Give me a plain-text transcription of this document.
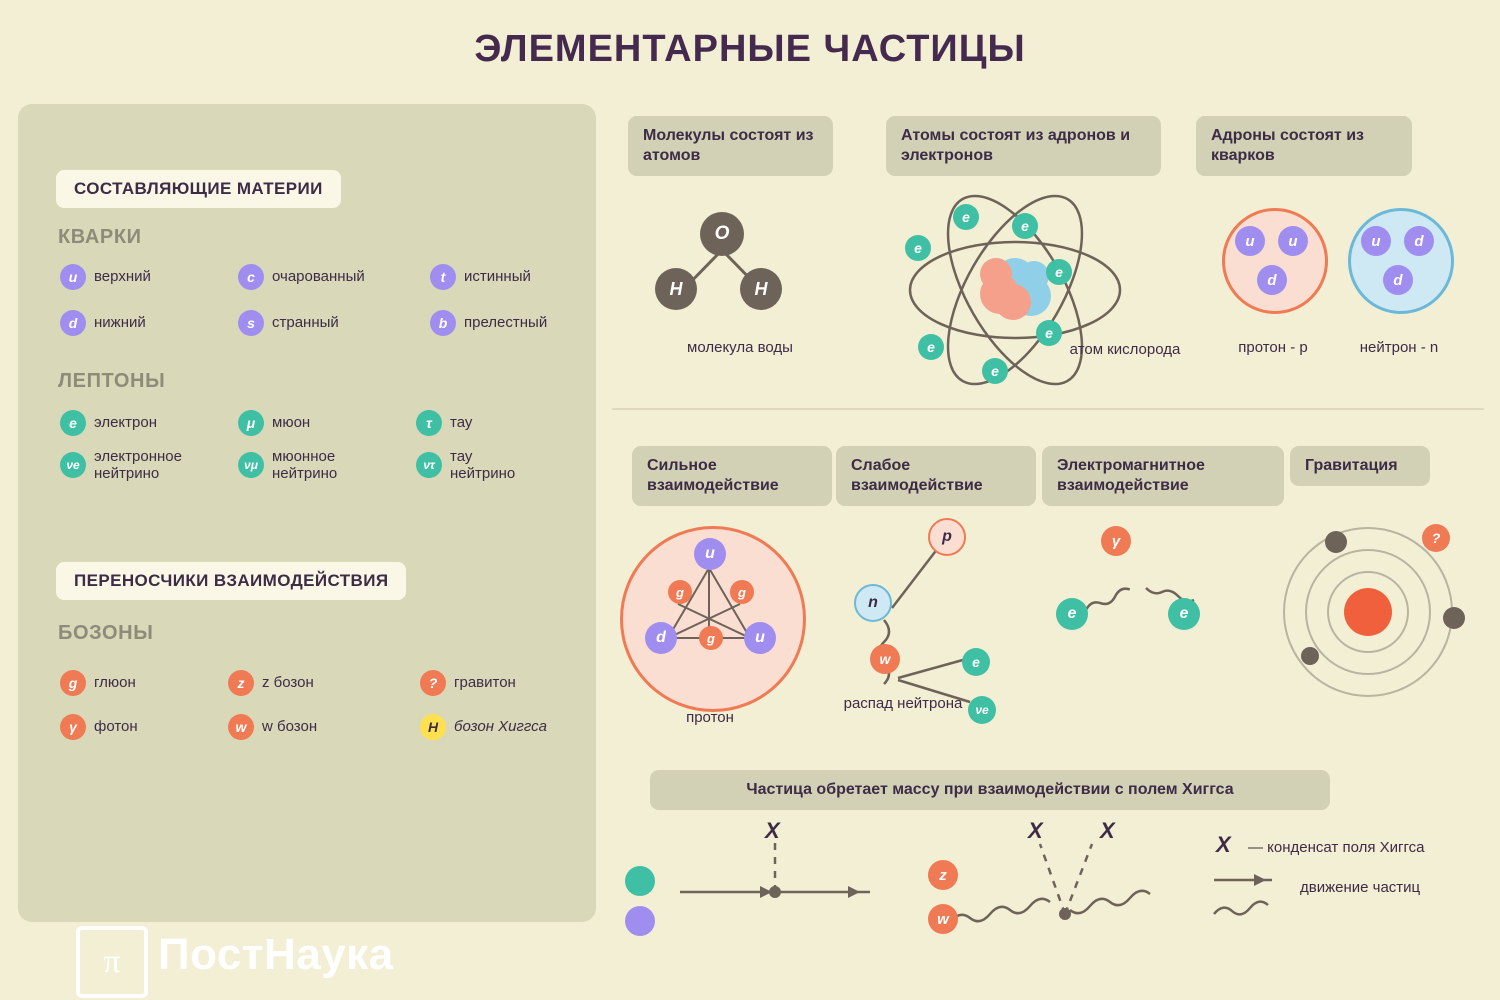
ЭЛЕМЕНТАРНЫЕ ЧАСТИЦЫ
СОСТАВЛЯЮЩИЕ МАТЕРИИ
КВАРКИ
u	верхний	c	очарованный	t	истинный
d	нижний	s	странный	b	прелестный
ЛЕПТОНЫ
e	электрон	μ	мюон	τ	тау
νe электронное нейтрино	νμ мюонное нейтрино	ντ	тау нейтрино
ПЕРЕНОСЧИКИ ВЗАИМОДЕЙСТВИЯ
БОЗОНЫ
g	глюон	z	z бозон	?	гравитон
γ	фотон	w	w бозон	H	бозон Хиггса
π ПостНаука
Молекулы состоят из атомов
O
H	H
молекула воды
Атомы состоят из адронов и электронов
e
e
e
e
e
e
e
атом кислорода
Адроны состоят из кварков
u	u
d
протон - p
u	d
d
нейтрон - n
Сильное взаимодействие
u
d	u
g	g
g
протон
Слабое взаимодействие
n
p
w	e
νe
распад нейтрона
Электромагнитное взаимодействие
γ
e	e
Гравитация
?
Частица обретает массу при взаимодействии с полем Хиггса
X	X	X
z
w
X — конденсат поля Хиггса
движение частиц
